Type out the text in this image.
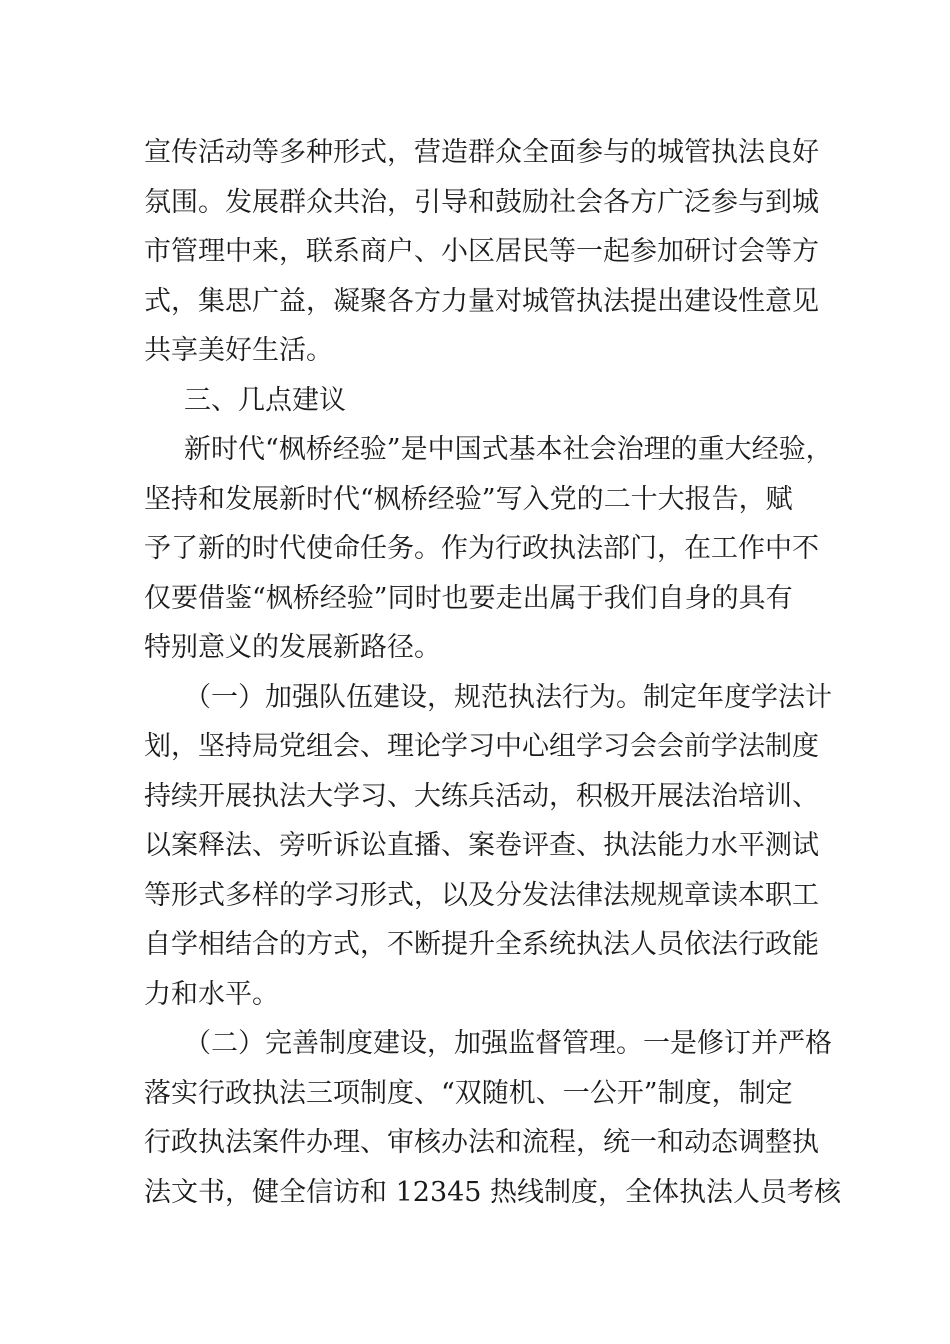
宣传活动等多种形式，营造群众全面参与的城管执法良好
氛围。发展群众共治，引导和鼓励社会各方广泛参与到城
市管理中来，联系商户、小区居民等一起参加研讨会等方
式，集思广益，凝聚各方力量对城管执法提出建设性意见
共享美好生活。
三、几点建议
新时代“枫桥经验”是中国式基本社会治理的重大经验，
坚持和发展新时代“枫桥经验”写入党的二十大报告，赋
予了新的时代使命任务。作为行政执法部门，在工作中不
仅要借鉴“枫桥经验”同时也要走出属于我们自身的具有
特别意义的发展新路径。
（一）加强队伍建设，规范执法行为。制定年度学法计
划，坚持局党组会、理论学习中心组学习会会前学法制度
持续开展执法大学习、大练兵活动，积极开展法治培训、
以案释法、旁听诉讼直播、案卷评查、执法能力水平测试
等形式多样的学习形式，以及分发法律法规规章读本职工
自学相结合的方式，不断提升全系统执法人员依法行政能
力和水平。
（二）完善制度建设，加强监督管理。一是修订并严格
落实行政执法三项制度、“双随机、一公开”制度，制定
行政执法案件办理、审核办法和流程，统一和动态调整执
法文书，健全信访和 12345 热线制度，全体执法人员考核
